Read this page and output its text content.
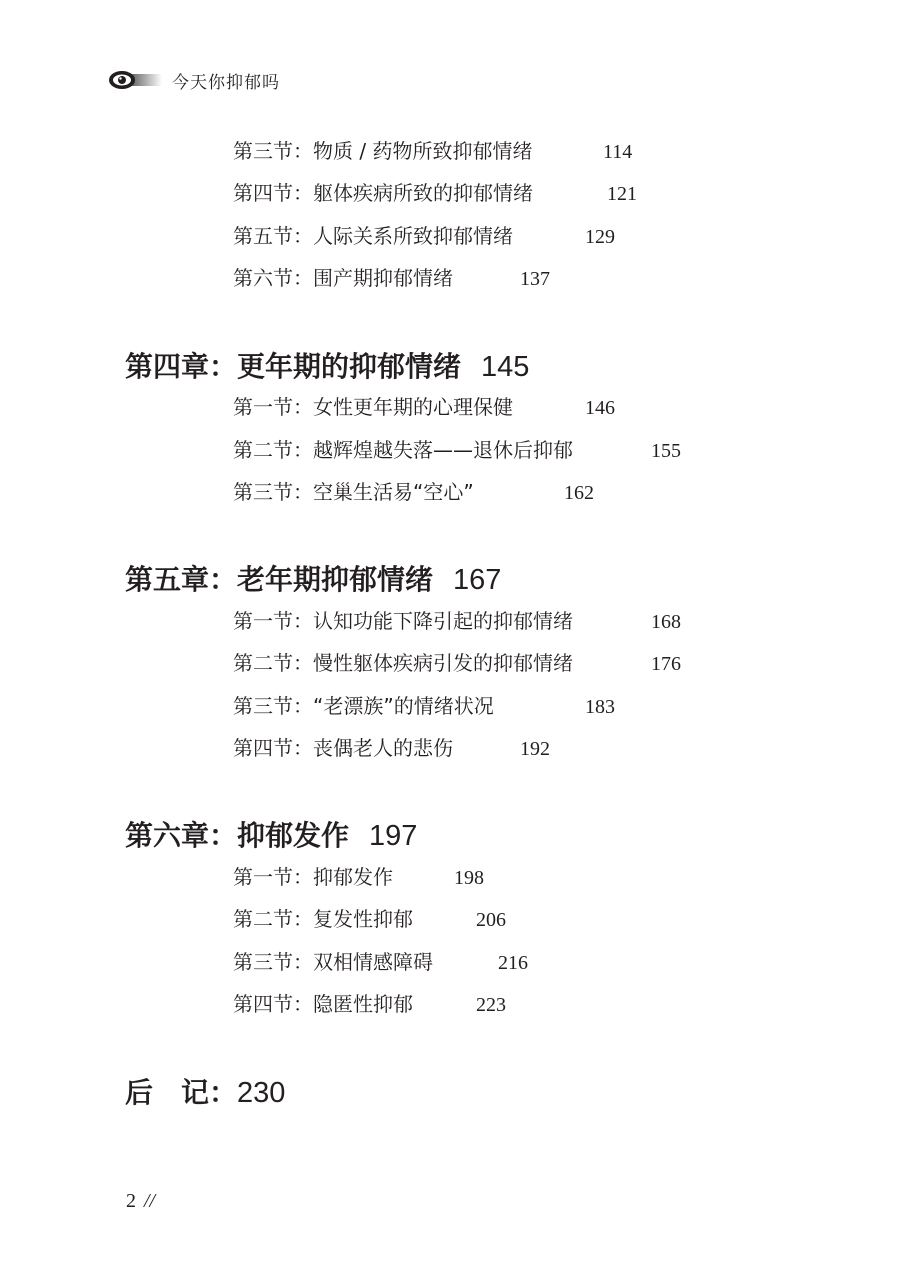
今天你抑郁吗
第三节：物质 / 药物所致抑郁情绪	114
第四节：躯体疾病所致的抑郁情绪	121
第五节：人际关系所致抑郁情绪	129
第六节：围产期抑郁情绪	137
第四章：更年期的抑郁情绪 145
第一节：女性更年期的心理保健	146
第二节：越辉煌越失落——退休后抑郁	155
第三节：空巢生活易“空心”	162
第五章：老年期抑郁情绪 167
第一节：认知功能下降引起的抑郁情绪	168
第二节：慢性躯体疾病引发的抑郁情绪	176
第三节：“老漂族”的情绪状况	183
第四节：丧偶老人的悲伤	192
第六章：抑郁发作 197
第一节：抑郁发作	198
第二节：复发性抑郁	206
第三节：双相情感障碍	216
第四节：隐匿性抑郁	223
后　记：230
2 //
